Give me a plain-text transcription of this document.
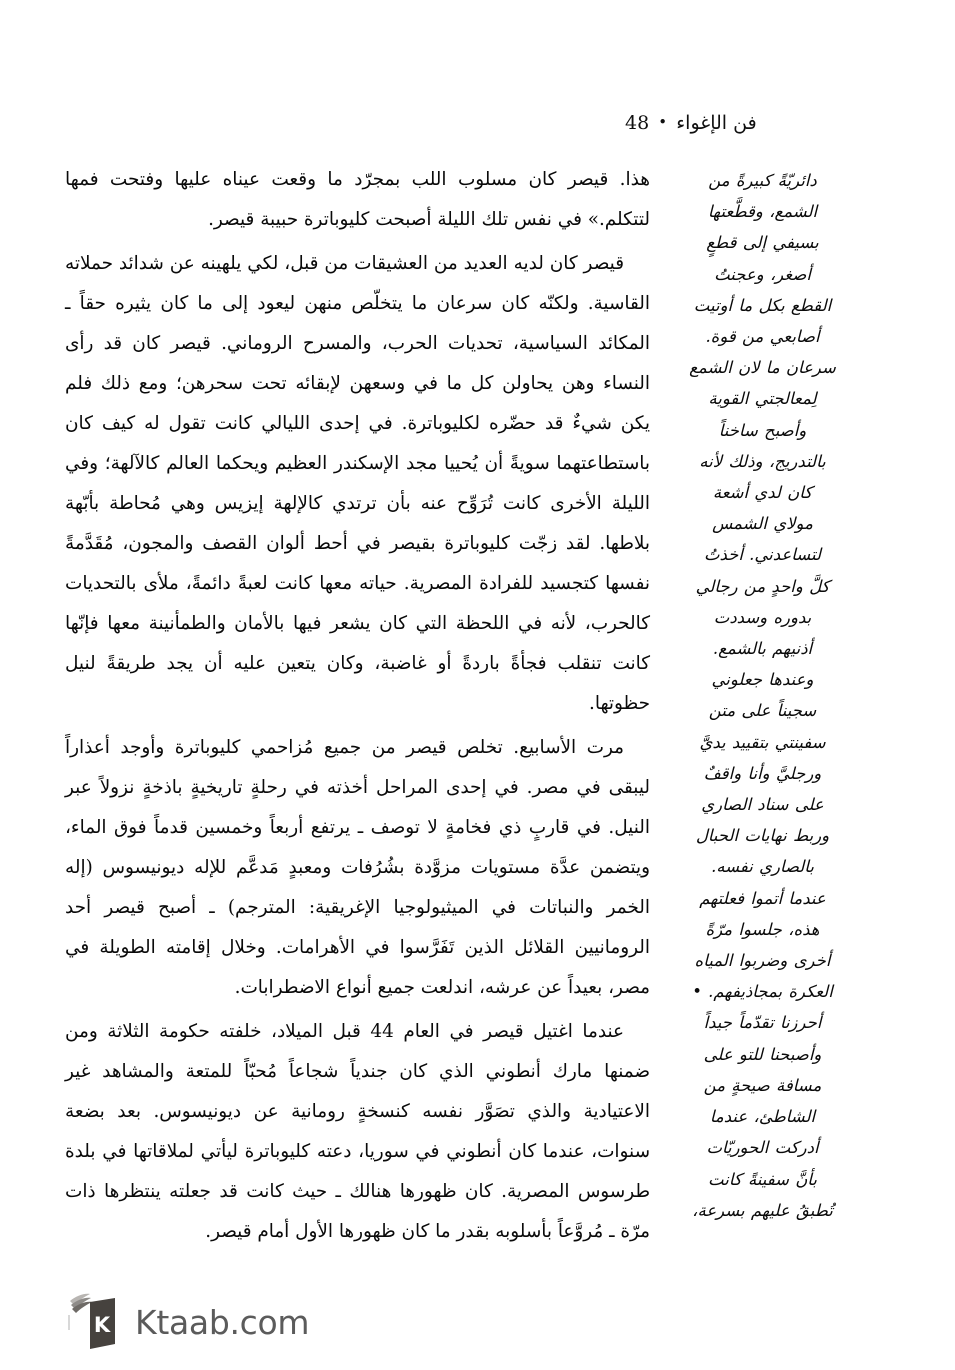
فن الإغواء•48

هذا. قيصر كان مسلوب اللب بمجرّد ما وقعت عيناه عليها وفتحت فمها لتتكلم.» في نفس تلك الليلة أصبحت كليوباترة حبيبة قيصر.

قيصر كان لديه العديد من العشيقات من قبل، لكي يلهينه عن شدائد حملاته القاسية. ولكنّه كان سرعان ما يتخلّص منهن ليعود إلى ما كان يثيره حقاً ـ المكائد السياسية، تحديات الحرب، والمسرح الروماني. قيصر كان قد رأى النساء وهن يحاولن كل ما في وسعهن لإبقائه تحت سحرهن؛ ومع ذلك فلم يكن شيءٌ قد حضّره لكليوباترة. في إحدى الليالي كانت تقول له كيف كان باستطاعتهما سويةً أن يُحييا مجد الإسكندر العظيم ويحكما العالم كالآلهة؛ وفي الليلة الأخرى كانت تُرَوِّح عنه بأن ترتدي كالإلهة إيزيس وهي مُحاطة بأبّهة بلاطها. لقد زجّت كليوباترة بقيصر في أحط ألوان القصف والمجون، مُقَدَّمةً نفسها كتجسيد للفرادة المصرية. حياته معها كانت لعبةً دائمةً، ملأى بالتحديات كالحرب، لأنه في اللحظة التي كان يشعر فيها بالأمان والطمأنينة معها فإنّها كانت تنقلب فجأةً باردةً أو غاضبة، وكان يتعين عليه أن يجد طريقةً لنيل حظوتها.

مرت الأسابيع. تخلص قيصر من جميع مُزاحمي كليوباترة وأوجد أعذاراً ليبقى في مصر. في إحدى المراحل أخذته في رحلةٍ تاريخيةٍ باذخةٍ نزولاً عبر النيل. في قاربٍ ذي فخامةٍ لا توصف ـ يرتفع أربعاً وخمسين قدماً فوق الماء، ويتضمن عدَّة مستويات مزوَّدة بشُرُفات ومعبدٍ مَدعَّم للإله ديونيسوس (إله الخمر والنباتات في الميثيولوجيا الإغريقية: المترجم) ـ أصبح قيصر أحد الرومانيين القلائل الذين تَفَرَّسوا في الأهرامات. وخلال إقامته الطويلة في مصر، بعيداً عن عرشه، اندلعت جميع أنواع الاضطرابات.

عندما اغتيل قيصر في العام 44 قبل الميلاد، خلفته حكومة الثلاثة ومن ضمنها مارك أنطوني الذي كان جندياً شجاعاً مُحبّاً للمتعة والمشاهد غير الاعتيادية والذي تصَوَّر نفسه كنسخةٍ رومانية عن ديونيسوس. بعد بضعة سنوات، عندما كان أنطوني في سوريا، دعته كليوباترة ليأتي لملاقاتها في بلدة طرسوس المصرية. كان ظهورها هنالك ـ حيث كانت قد جعلته ينتظرها ذات مرّة ـ مُروَّعاً بأسلوبه بقدر ما كان ظهورها الأول أمام قيصر.

دائريّةً كبيرةً من

الشمع، وقطَّعتها

بسيفي إلى قطعٍ

أصغر، وعجنتُ

القطع بكل ما أوتيت

أصابعي من قوة.

سرعان ما لان الشمع

لِمعالجتي القوية

وأصبح ساخناً

بالتدريج، وذلك لأنه

كان لدي أشعة

مولاي الشمس

لتساعدني. أخذتُ

كلَّ واحدٍ من رجالي

بدوره وسددت

أذنيهم بالشمع.

وعندها جعلوني

سجيناً على متن

سفينتي بتقييد يديَّ

ورجليَّ وأنا واقفٌ

على سناد الصاري

وربط نهايات الحبال

بالصاري نفسه.

عندما أتموا فعلتهم

هذه، جلسوا مرّةً

أخرى وضربوا المياه

العكرة بمجاذيفهم. •

أحرزنا تقدّماً جيداً

وأصبحنا للتو على

مسافة صيحةٍ من

الشاطئ، عندما

أدركت الحوريّات

بأنَّ سفينةً كانت

تُطبقُ عليهم بسرعة،

K Ktaab.com
